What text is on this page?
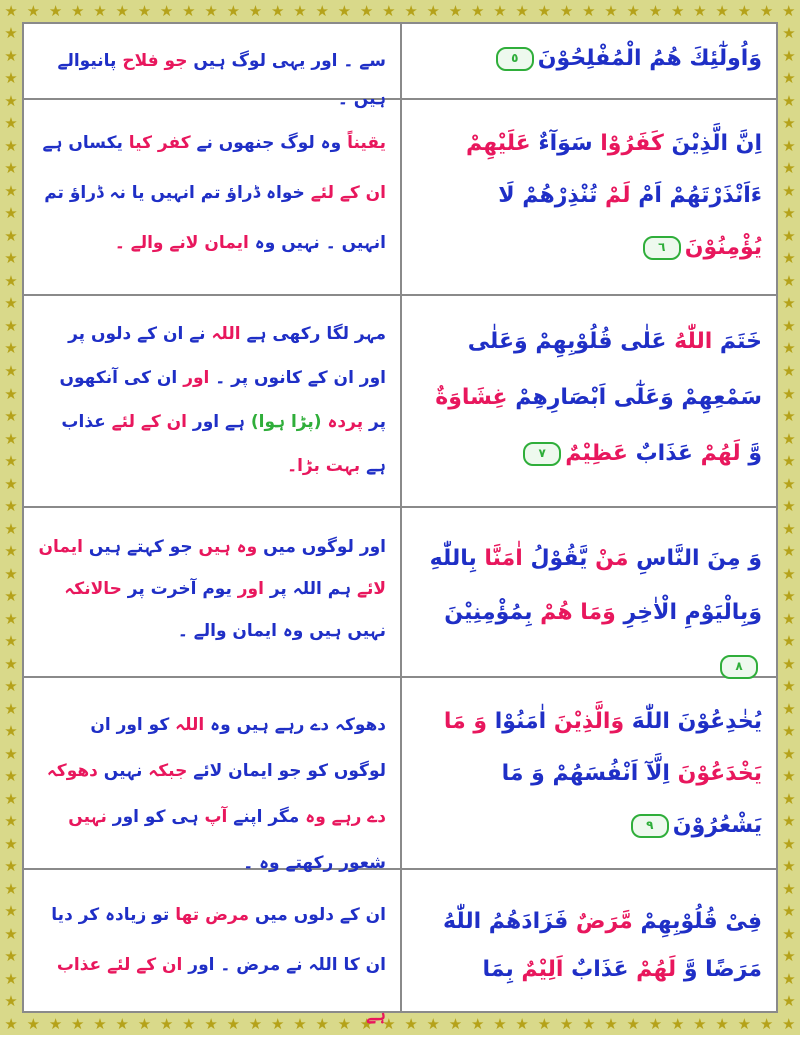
★ ★ ★ ★ ★ ★ ★ ★ ★ ★ ★ ★ ★ ★ ★ ★ ★ ★ ★ ★ ★ ★ ★ ★ ★ ★ ★ ★ ★ ★ ★ ★ ★ ★ ★ ★
★ ★ ★ ★ ★ ★ ★ ★ ★ ★ ★ ★ ★ ★ ★ ★ ★ ★ ★ ★ ★ ★ ★ ★ ★ ★ ★ ★ ★ ★ ★ ★ ★ ★ ★ ★
★
★
★
★
★
★
★
★
★
★
★
★
★
★
★
★
★
★
★
★
★
★
★
★
★
★
★
★
★
★
★
★
★
★
★
★
★
★
★
★
★
★
★
★
★
★
★
★
★
★
★
★
★
★
★
★
★
★
★
★
★
★
★
★
★
★
★
★
★
★
★
★
★
★
★
★
★
★
★
★
★
★
★
★
★
★
★
★
وَاُولٰٓئِكَ هُمُ الْمُفْلِحُوْنَ٥
سے ۔ اور یہی لوگ ہیں جو فلاح پانیوالے ہیں ۔
اِنَّ الَّذِيْنَ كَفَرُوْا سَوَآءٌ عَلَيْهِمْ ءَاَنْذَرْتَهُمْ اَمْ لَمْ تُنْذِرْهُمْ لَا يُؤْمِنُوْنَ٦
یقیناً وہ لوگ جنھوں نے کفر کیا یکساں ہے ان کے لئے خواہ ڈراؤ تم انہیں یا نہ ڈراؤ تم انہیں ۔ نہیں وہ ایمان لانے والے ۔
خَتَمَ اللّٰهُ عَلٰى قُلُوْبِهِمْ وَعَلٰى سَمْعِهِمْ وَعَلٰٓى اَبْصَارِهِمْ غِشَاوَةٌ وَّ لَهُمْ عَذَابٌ عَظِيْمٌ٧
مہر لگا رکھی ہے اللہ نے ان کے دلوں پر اور ان کے کانوں پر ۔ اور ان کی آنکھوں پر پردہ (پڑا ہوا) ہے اور ان کے لئے عذاب ہے بہت بڑا۔
وَ مِنَ النَّاسِ مَنْ يَّقُوْلُ اٰمَنَّا بِاللّٰهِ وَبِالْيَوْمِ الْاٰخِرِ وَمَا هُمْ بِمُؤْمِنِيْنَ٨
اور لوگوں میں وہ ہیں جو کہتے ہیں ایمان لائے ہم اللہ پر اور یوم آخرت پر حالانکہ نہیں ہیں وہ ایمان والے ۔
يُخٰدِعُوْنَ اللّٰهَ وَالَّذِيْنَ اٰمَنُوْا وَ مَا يَخْدَعُوْنَ اِلَّآ اَنْفُسَهُمْ وَ مَا يَشْعُرُوْنَ٩
دھوکہ دے رہے ہیں وہ اللہ کو اور ان لوگوں کو جو ایمان لائے جبکہ نہیں دھوکہ دے رہے وہ مگر اپنے آپ ہی کو اور نہیں شعور رکھتے وہ ۔
فِىْ قُلُوْبِهِمْ مَّرَضٌ فَزَادَهُمُ اللّٰهُ مَرَضًا وَّ لَهُمْ عَذَابٌ اَلِيْمٌ بِمَا
ان کے دلوں میں مرض تھا تو زیادہ کر دیا ان کا اللہ نے مرض ۔ اور ان کے لئے عذاب ہے
